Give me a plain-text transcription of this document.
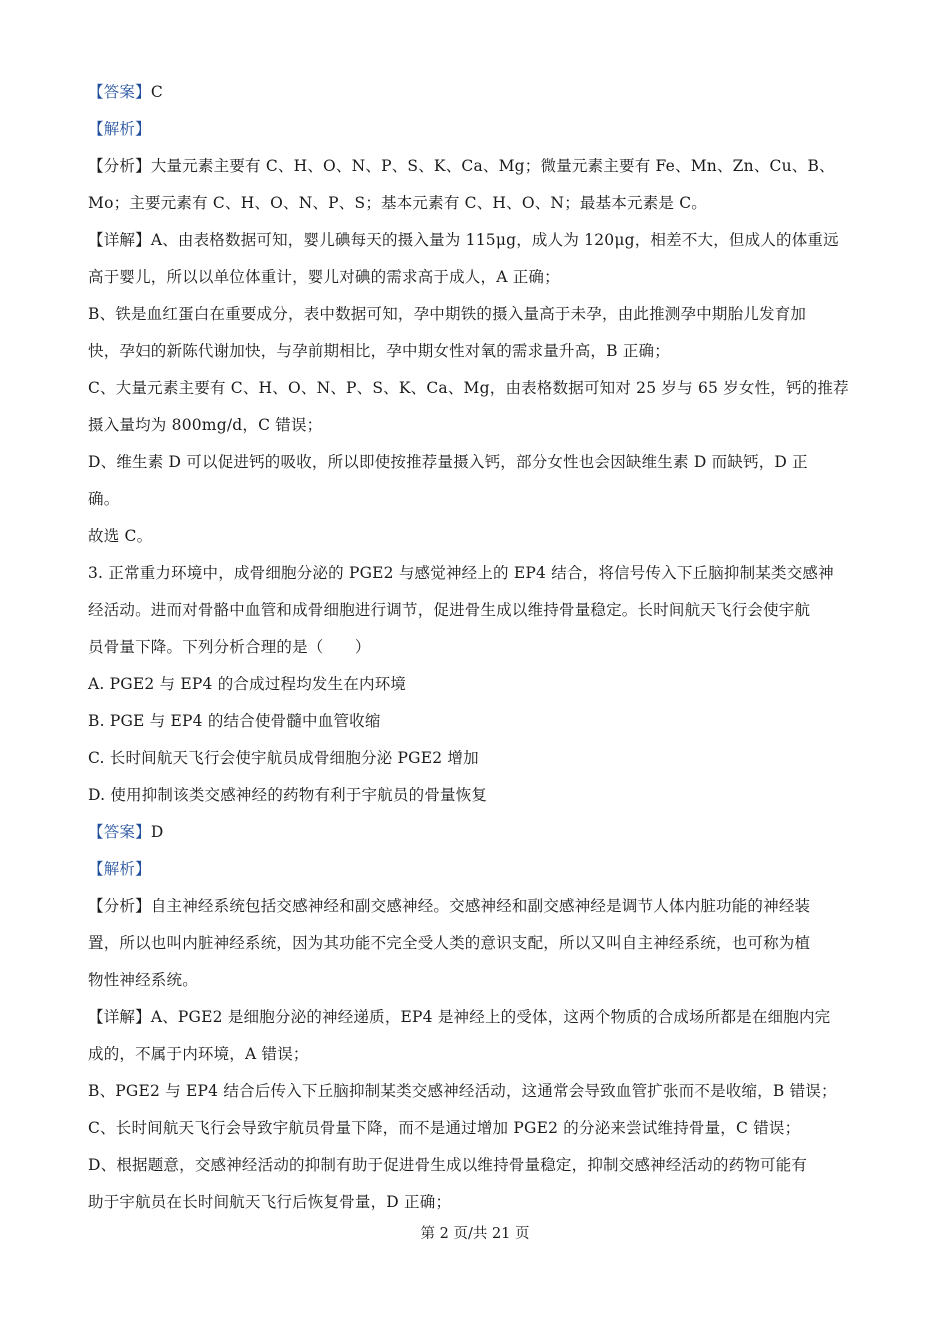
【答案】C
【解析】
【分析】大量元素主要有 C、H、O、N、P、S、K、Ca、Mg；微量元素主要有 Fe、Mn、Zn、Cu、B、
Mo；主要元素有 C、H、O、N、P、S；基本元素有 C、H、O、N；最基本元素是 C。
【详解】A、由表格数据可知，婴儿碘每天的摄入量为 115μg，成人为 120μg，相差不大，但成人的体重远
高于婴儿，所以以单位体重计，婴儿对碘的需求高于成人，A 正确；
B、铁是血红蛋白在重要成分，表中数据可知，孕中期铁的摄入量高于未孕，由此推测孕中期胎儿发育加
快，孕妇的新陈代谢加快，与孕前期相比，孕中期女性对氧的需求量升高，B 正确；
C、大量元素主要有 C、H、O、N、P、S、K、Ca、Mg，由表格数据可知对 25 岁与 65 岁女性，钙的推荐
摄入量均为 800mg/d，C 错误；
D、维生素 D 可以促进钙的吸收，所以即使按推荐量摄入钙，部分女性也会因缺维生素 D 而缺钙，D 正
确。
故选 C。
3. 正常重力环境中，成骨细胞分泌的 PGE2 与感觉神经上的 EP4 结合，将信号传入下丘脑抑制某类交感神
经活动。进而对骨骼中血管和成骨细胞进行调节，促进骨生成以维持骨量稳定。长时间航天飞行会使宇航
员骨量下降。下列分析合理的是（　　）
A. PGE2 与 EP4 的合成过程均发生在内环境
B. PGE 与 EP4 的结合使骨髓中血管收缩
C. 长时间航天飞行会使宇航员成骨细胞分泌 PGE2 增加
D. 使用抑制该类交感神经的药物有利于宇航员的骨量恢复
【答案】D
【解析】
【分析】自主神经系统包括交感神经和副交感神经。交感神经和副交感神经是调节人体内脏功能的神经装
置，所以也叫内脏神经系统，因为其功能不完全受人类的意识支配，所以又叫自主神经系统，也可称为植
物性神经系统。
【详解】A、PGE2 是细胞分泌的神经递质，EP4 是神经上的受体，这两个物质的合成场所都是在细胞内完
成的，不属于内环境，A 错误；
B、PGE2 与 EP4 结合后传入下丘脑抑制某类交感神经活动，这通常会导致血管扩张而不是收缩，B 错误；
C、长时间航天飞行会导致宇航员骨量下降，而不是通过增加 PGE2 的分泌来尝试维持骨量，C 错误；
D、根据题意，交感神经活动的抑制有助于促进骨生成以维持骨量稳定，抑制交感神经活动的药物可能有
助于宇航员在长时间航天飞行后恢复骨量，D 正确；
第 2 页/共 21 页
